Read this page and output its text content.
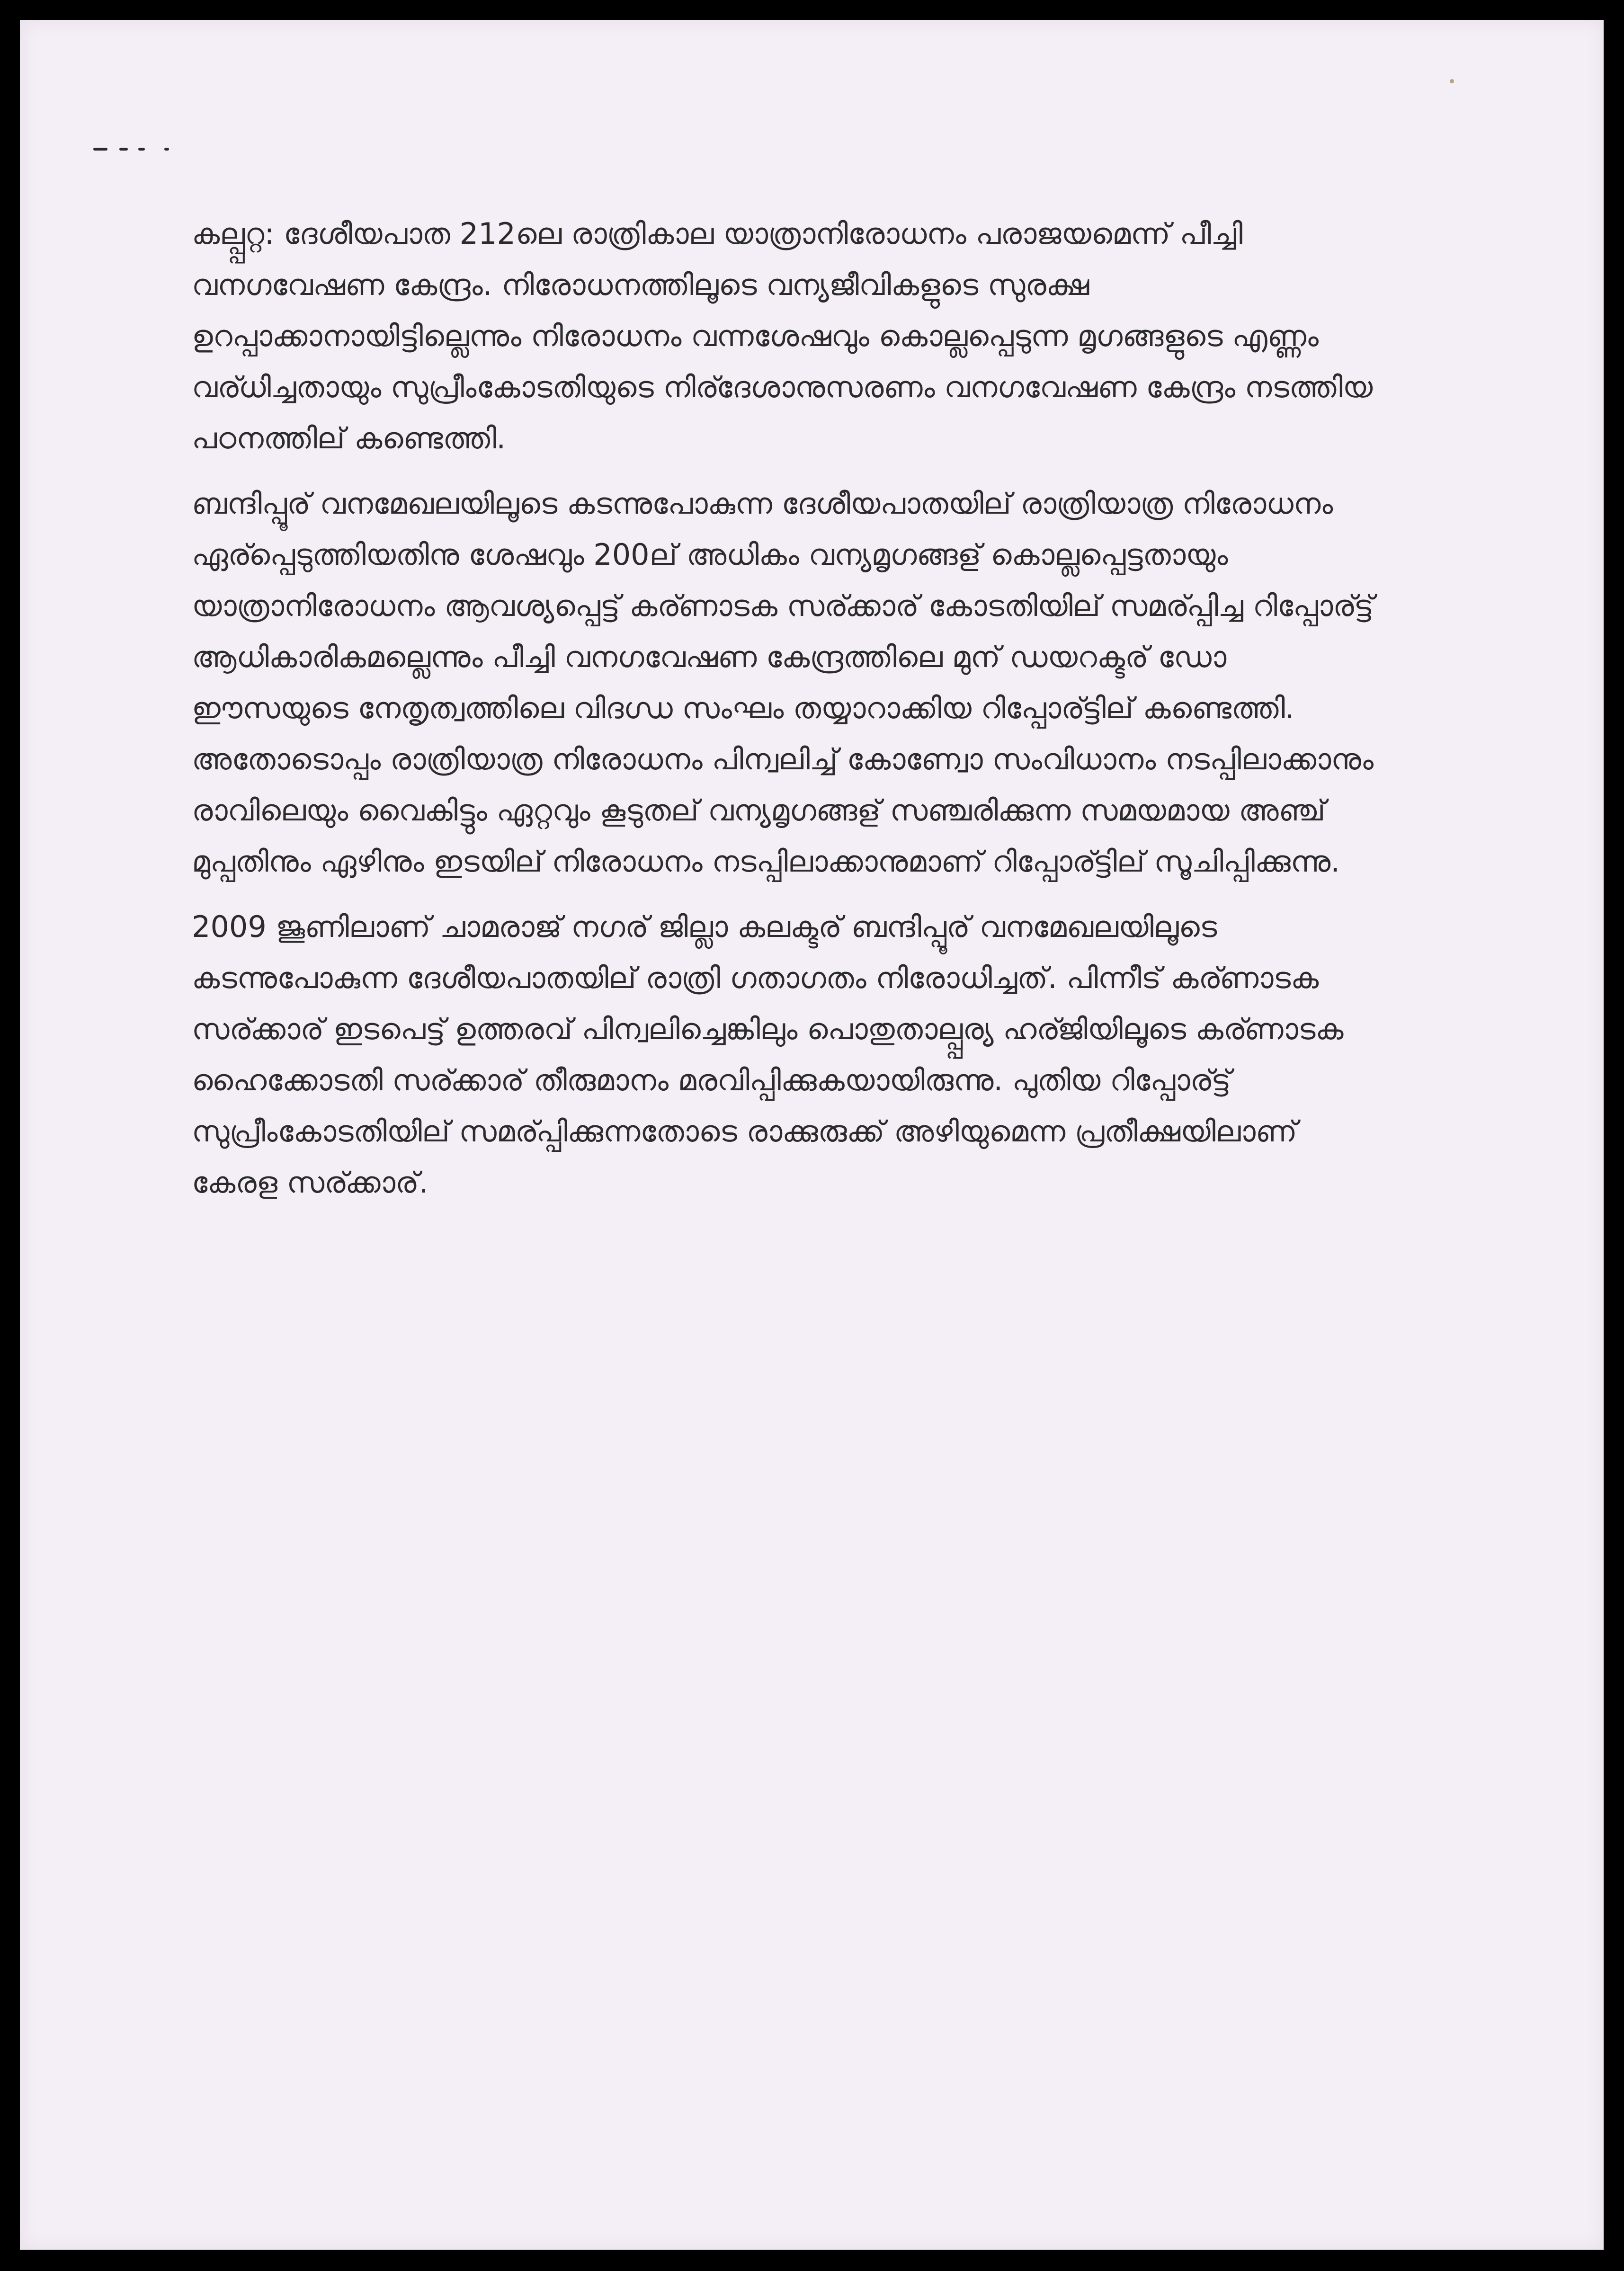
കല്പ്പറ്റ: ദേശീയപാത 212ലെ രാത്രികാല യാത്രാനിരോധനം പരാജയമെന്ന് പീച്ചി വനഗവേഷണ കേന്ദ്രം. നിരോധനത്തിലൂടെ വന്യജീവികളുടെ സുരക്ഷ ഉറപ്പാക്കാനായിട്ടില്ലെന്നും നിരോധനം വന്നശേഷവും കൊല്ലപ്പെടുന്ന മൃഗങ്ങളുടെ എണ്ണം വര്ധിച്ചതായും സുപ്രീംകോടതിയുടെ നിര്ദേശാനുസരണം വനഗവേഷണ കേന്ദ്രം നടത്തിയ പഠനത്തില് കണ്ടെത്തി.

ബന്ദിപ്പൂര് വനമേഖലയിലൂടെ കടന്നുപോകുന്ന ദേശീയപാതയില് രാത്രിയാത്ര നിരോധനം ഏര്പ്പെടുത്തിയതിനു ശേഷവും 200ല് അധികം വന്യമൃഗങ്ങള് കൊല്ലപ്പെട്ടതായും യാത്രാനിരോധനം ആവശ്യപ്പെട്ട് കര്ണാടക സര്ക്കാര് കോടതിയില് സമര്പ്പിച്ച റിപ്പോര്ട്ട് ആധികാരികമല്ലെന്നും പീച്ചി വനഗവേഷണ കേന്ദ്രത്തിലെ മുന് ഡയറക്ടര് ഡോ ഈസയുടെ നേതൃത്വത്തിലെ വിദഗ്ധ സംഘം തയ്യാറാക്കിയ റിപ്പോര്ട്ടില് കണ്ടെത്തി. അതോടൊപ്പം രാത്രിയാത്ര നിരോധനം പിന്വലിച്ച് കോണ്വോ സംവിധാനം നടപ്പിലാക്കാനും രാവിലെയും വൈകിട്ടും ഏറ്റവും കൂടുതല് വന്യമൃഗങ്ങള് സഞ്ചരിക്കുന്ന സമയമായ അഞ്ച് മുപ്പതിനും ഏഴിനും ഇടയില് നിരോധനം നടപ്പിലാക്കാനുമാണ് റിപ്പോര്ട്ടില് സൂചിപ്പിക്കുന്നു.

2009 ജൂണിലാണ് ചാമരാജ് നഗര് ജില്ലാ കലക്ടര് ബന്ദിപ്പൂര് വനമേഖലയിലൂടെ കടന്നുപോകുന്ന ദേശീയപാതയില് രാത്രി ഗതാഗതം നിരോധിച്ചത്. പിന്നീട് കര്ണാടക സര്ക്കാര് ഇടപെട്ട് ഉത്തരവ് പിന്വലിച്ചെങ്കിലും പൊതുതാല്പ്പര്യ ഹര്ജിയിലൂടെ കര്ണാടക ഹൈക്കോടതി സര്ക്കാര് തീരുമാനം മരവിപ്പിക്കുകയായിരുന്നു. പുതിയ റിപ്പോര്ട്ട് സുപ്രീംകോടതിയില് സമര്പ്പിക്കുന്നതോടെ രാക്കുരുക്ക് അഴിയുമെന്ന പ്രതീക്ഷയിലാണ് കേരള സര്ക്കാര്.
